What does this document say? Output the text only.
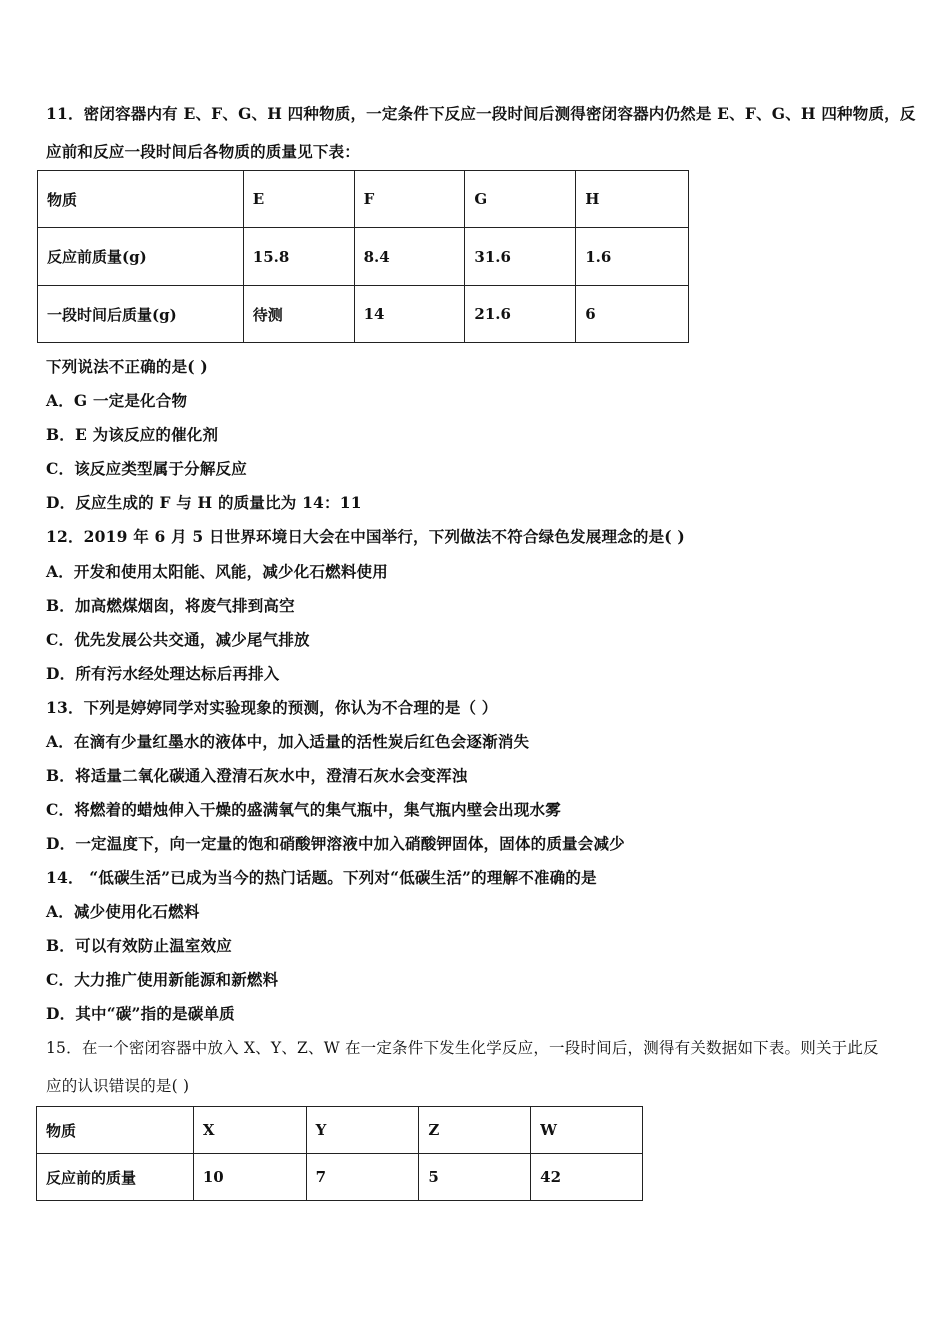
11．密闭容器内有 E、F、G、H 四种物质，一定条件下反应一段时间后测得密闭容器内仍然是 E、F、G、H 四种物质，反
应前和反应一段时间后各物质的质量见下表：
物质	E	F	G	H
反应前质量(g)	15.8	8.4	31.6	1.6
一段时间后质量(g)	待测	14	21.6	6
下列说法不正确的是( )
A．G 一定是化合物
B．E 为该反应的催化剂
C．该反应类型属于分解反应
D．反应生成的 F 与 H 的质量比为 14：11
12．2019 年 6 月 5 日世界环境日大会在中国举行，下列做法不符合绿色发展理念的是( )
A．开发和使用太阳能、风能，减少化石燃料使用
B．加高燃煤烟囱，将废气排到高空
C．优先发展公共交通，减少尾气排放
D．所有污水经处理达标后再排入
13．下列是婷婷同学对实验现象的预测，你认为不合理的是（ ）
A．在滴有少量红墨水的液体中，加入适量的活性炭后红色会逐渐消失
B．将适量二氧化碳通入澄清石灰水中，澄清石灰水会变浑浊
C．将燃着的蜡烛伸入干燥的盛满氧气的集气瓶中，集气瓶内壁会出现水雾
D．一定温度下，向一定量的饱和硝酸钾溶液中加入硝酸钾固体，固体的质量会减少
14． “低碳生活”已成为当今的热门话题。下列对“低碳生活”的理解不准确的是
A．减少使用化石燃料
B．可以有效防止温室效应
C．大力推广使用新能源和新燃料
D．其中“碳”指的是碳单质
15．在一个密闭容器中放入 X、Y、Z、W 在一定条件下发生化学反应，一段时间后，测得有关数据如下表。则关于此反
应的认识错误的是( )
物质	X	Y	Z	W
反应前的质量	10	7	5	42
